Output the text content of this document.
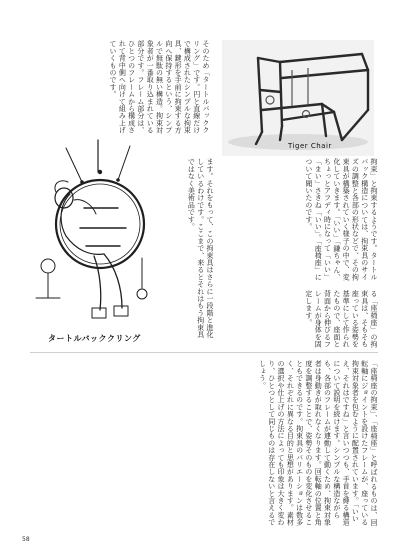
Tiger Chair
タートルバッククリング
そのため「タートルバッククリング」です。円と直線だけで構成されたシンプルな拘束具、鍵形を手前に拘束する方向へ保持するという、シンプルで無駄の無い構造。拘束対象者が一番取り込まれている部分です。フレーム部分は、ひとつのフレームから構成されて背中側へ向けて組み上げていくものです。
拘束」と拘束するようです。タートルバック構造については、拘束具のサイズの調整と各部の形状などで、その拘束具が構築されていく様子の中で、変化していきます。「いい」「鎌ちゃん、ちょっとアフディ時になって「いい」「まい」さきね「いい」。「座椅座」について聞いたのです。
ます。それをもって、この拘束具はさらに一段階と進化しているわけです。ここまで、来るとそれはもう拘束具ではなく美術品です。
る「座椅座」の拘束具は、そもそも座っている姿勢を基準にして作られたもので、座面と背面から伸びるフレームが身体を固定します。
「座椅座の拘束」、「座椅座」と呼ばれるものは、回転軸にジョイントを設けたフレームが、座っている拘束対象者を包むように配置されています。「いいえ、それはですね」と言いつつも、手首を縛る構造について説明を続けます。シンプルな構造ながらも、各部のフレームが連動して動くため、拘束対象者は身動きが取れなくなります。回転軸の位置と角度を調整することで、姿勢そのものを変化させることもできるのです。拘束具のバリエーションは数多く、それぞれに異なる目的と思想があります。素材の選択や仕上げの方法によっても印象は大きく変わり、ひとつとして同じものは存在しないと言えるでしょう。
58
